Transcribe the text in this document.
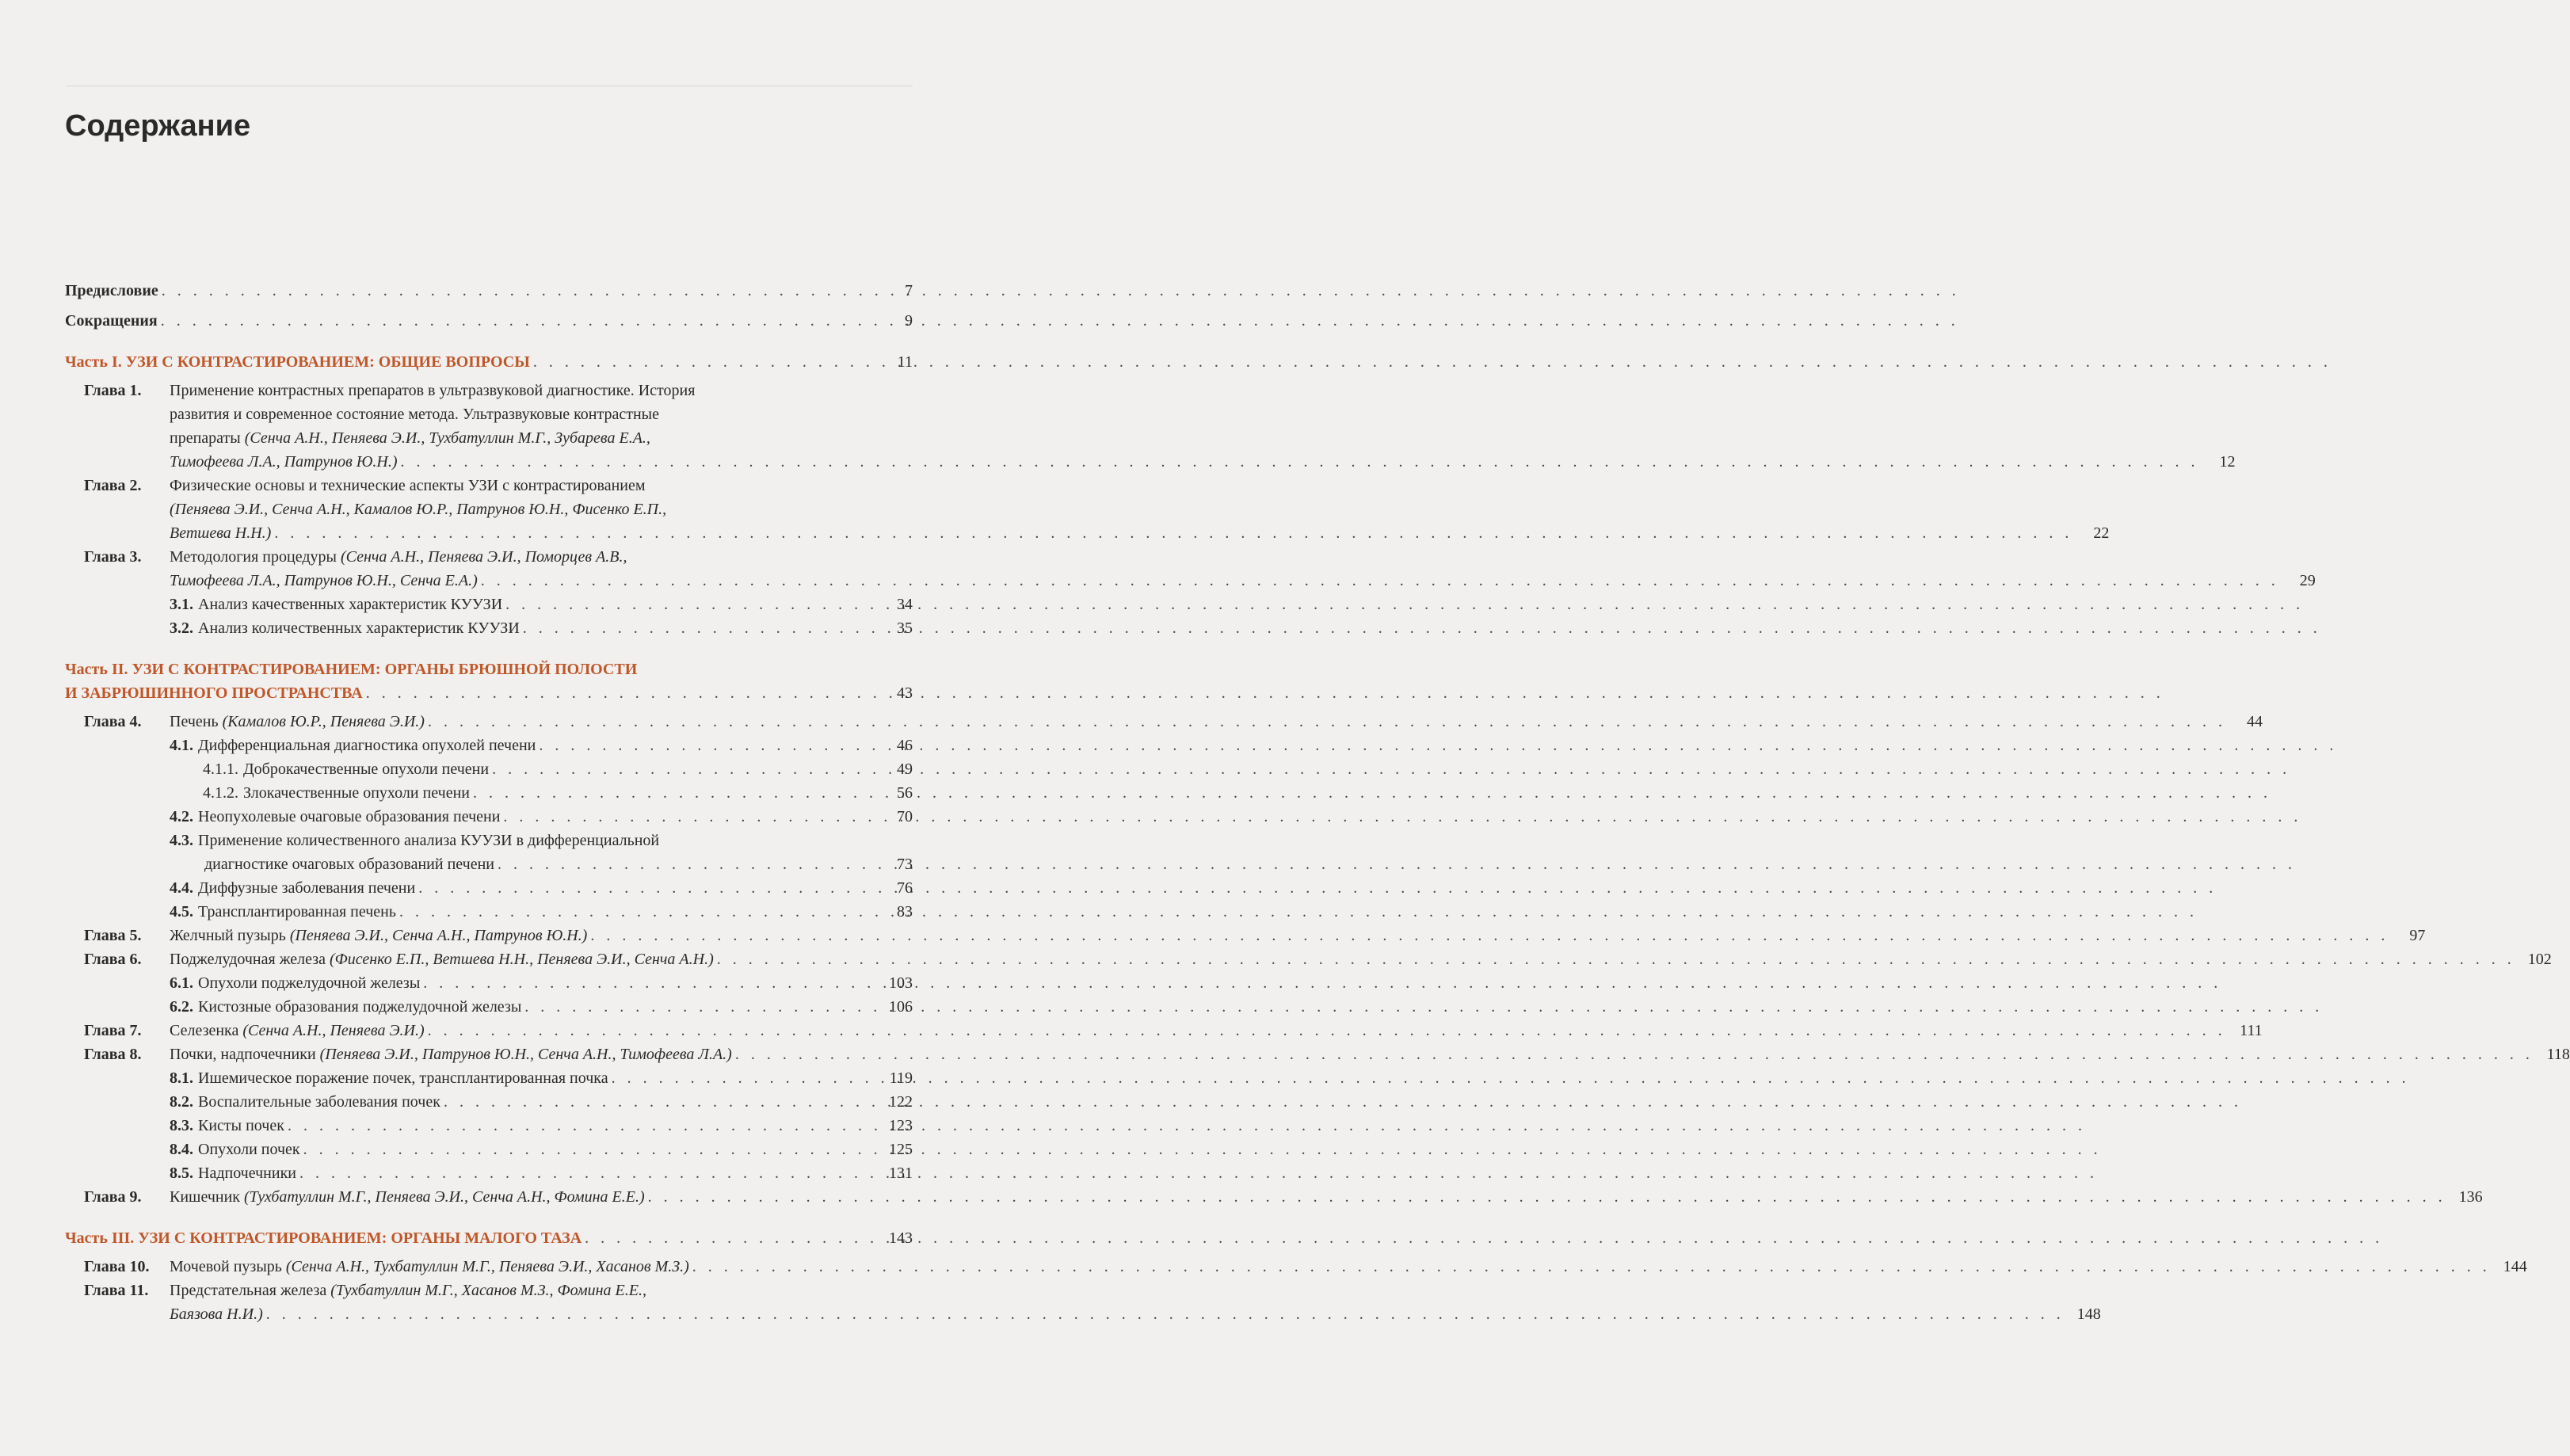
Содержание
Предисловие . . .	7
Сокращения . . .	9
Часть I. УЗИ С КОНТРАСТИРОВАНИЕМ: ОБЩИЕ ВОПРОСЫ . . .	11
Глава 1.	Применение контрастных препаратов в ультразвуковой диагностике. История
развития и современное состояние метода. Ультразвуковые контрастные
препараты (Сенча А.Н., Пеняева Э.И., Тухбатуллин М.Г., Зубарева Е.А.,
Тимофеева Л.А., Патрунов Ю.Н.) . . .	12
Глава 2.	Физические основы и технические аспекты УЗИ с контрастированием
(Пеняева Э.И., Сенча А.Н., Камалов Ю.Р., Патрунов Ю.Н., Фисенко Е.П.,
Ветшева Н.Н.) . . .	22
Глава 3.	Методология процедуры (Сенча А.Н., Пеняева Э.И., Поморцев А.В.,
Тимофеева Л.А., Патрунов Ю.Н., Сенча Е.А.) . . .	29
3.1. Анализ качественных характеристик КУУЗИ . . .	34
3.2. Анализ количественных характеристик КУУЗИ . . .	35
Часть II. УЗИ С КОНТРАСТИРОВАНИЕМ: ОРГАНЫ БРЮШНОЙ ПОЛОСТИ
И ЗАБРЮШИННОГО ПРОСТРАНСТВА . . .	43
Глава 4.	Печень (Камалов Ю.Р., Пеняева Э.И.) . . .	44
4.1. Дифференциальная диагностика опухолей печени . . .	46
4.1.1. Доброкачественные опухоли печени . . .	49
4.1.2. Злокачественные опухоли печени . . .	56
4.2. Неопухолевые очаговые образования печени . . .	70
4.3. Применение количественного анализа КУУЗИ в дифференциальной
диагностике очаговых образований печени . . .	73
4.4. Диффузные заболевания печени . . .	76
4.5. Трансплантированная печень . . .	83
Глава 5.	Желчный пузырь (Пеняева Э.И., Сенча А.Н., Патрунов Ю.Н.) . . .	97
Глава 6.	Поджелудочная железа (Фисенко Е.П., Ветшева Н.Н., Пеняева Э.И., Сенча А.Н.) . . .	102
6.1. Опухоли поджелудочной железы . . .	103
6.2. Кистозные образования поджелудочной железы . . .	106
Глава 7.	Селезенка (Сенча А.Н., Пеняева Э.И.) . . .	111
Глава 8.	Почки, надпочечники (Пеняева Э.И., Патрунов Ю.Н., Сенча А.Н., Тимофеева Л.А.) . . .	118
8.1. Ишемическое поражение почек, трансплантированная почка . . .	119
8.2. Воспалительные заболевания почек . . .	122
8.3. Кисты почек . . .	123
8.4. Опухоли почек . . .	125
8.5. Надпочечники . . .	131
Глава 9.	Кишечник (Тухбатуллин М.Г., Пеняева Э.И., Сенча А.Н., Фомина Е.Е.) . . .	136
Часть III. УЗИ С КОНТРАСТИРОВАНИЕМ: ОРГАНЫ МАЛОГО ТАЗА . . .	143
Глава 10.	Мочевой пузырь (Сенча А.Н., Тухбатуллин М.Г., Пеняева Э.И., Хасанов М.З.) . . .	144
Глава 11.	Предстательная железа (Тухбатуллин М.Г., Хасанов М.З., Фомина Е.Е.,
Баязова Н.И.) . . .	148
